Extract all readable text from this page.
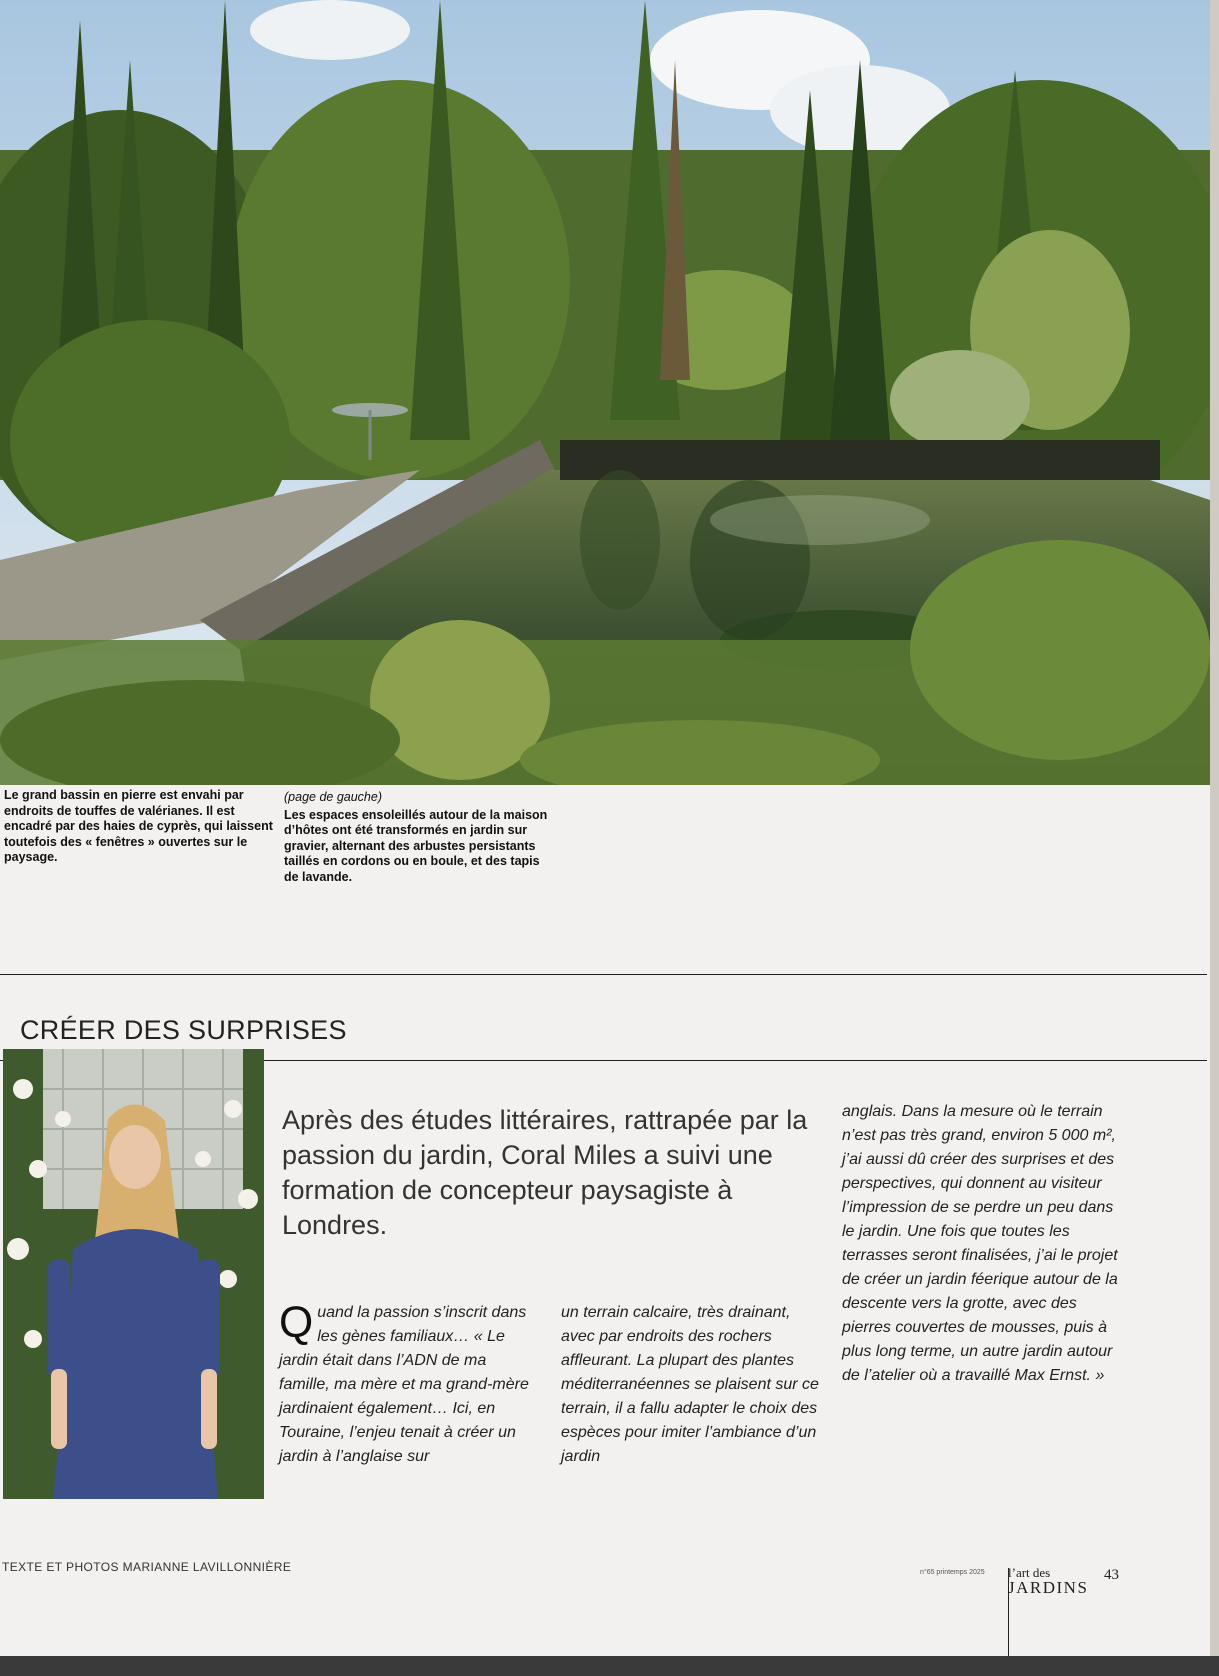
Le grand bassin en pierre est envahi par endroits de touffes de valérianes. Il est encadré par des haies de cyprès, qui laissent toutefois des « fenêtres » ouvertes sur le paysage.
(page de gauche)
Les espaces ensoleillés autour de la maison d’hôtes ont été transformés en jardin sur gravier, alternant des arbustes persistants taillés en cordons ou en boule, et des tapis de lavande.
CRÉER DES SURPRISES

Après des études littéraires, rattrapée par la passion du jardin, Coral Miles a suivi une formation de concepteur paysagiste à Londres.

Q uand la passion s’inscrit dans les gènes familiaux… « Le jardin était dans l’ADN de ma famille, ma mère et ma grand-mère jardinaient également… Ici, en Touraine, l’enjeu tenait à créer un jardin à l’anglaise sur
un terrain calcaire, très drainant, avec par endroits des rochers affleurant. La plupart des plantes méditerranéennes se plaisent sur ce terrain, il a fallu adapter le choix des espèces pour imiter l’ambiance d’un jardin
anglais. Dans la mesure où le terrain n’est pas très grand, environ 5 000 m², j’ai aussi dû créer des surprises et des perspectives, qui donnent au visiteur l’impression de se perdre un peu dans le jardin. Une fois que toutes les terrasses seront finalisées, j’ai le projet de créer un jardin féerique autour de la descente vers la grotte, avec des pierres couvertes de mousses, puis à plus long terme, un autre jardin autour de l’atelier où a travaillé Max Ernst. »
TEXTE ET PHOTOS MARIANNE LAVILLONNIÈRE	n°65 printemps 2025 l’art des
JARDINS
43
